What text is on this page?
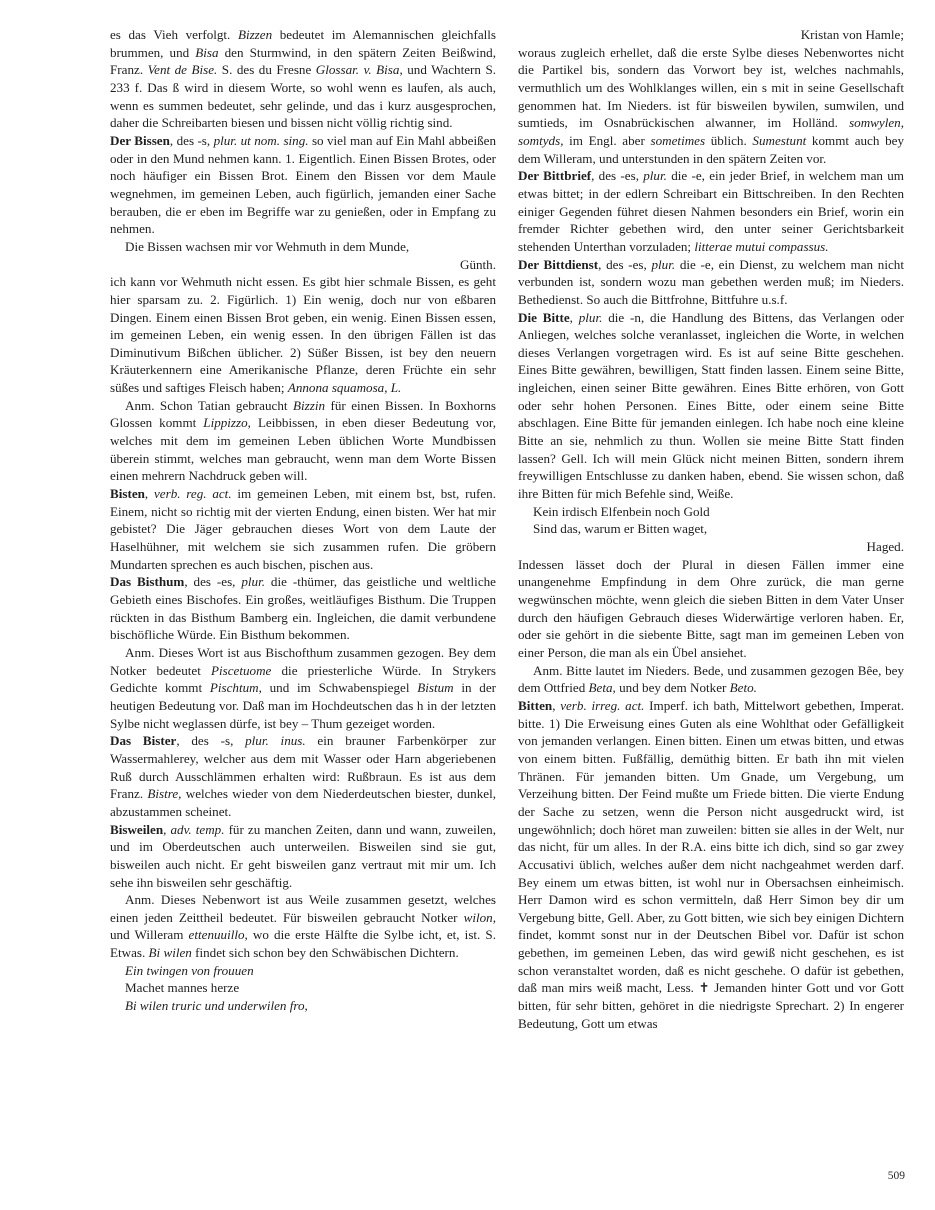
es das Vieh verfolgt. Bizzen bedeutet im Alemannischen gleichfalls brummen, und Bisa den Sturmwind, in den spätern Zeiten Beißwind, Franz. Vent de Bise. S. des du Fresne Glossar. v. Bisa, und Wachtern S. 233 f. Das ß wird in diesem Worte, so wohl wenn es laufen, als auch, wenn es summen bedeutet, sehr gelinde, und das i kurz ausgesprochen, daher die Schreibarten biesen und bissen nicht völlig richtig sind.

Der Bissen, des -s, plur. ut nom. sing. so viel man auf Ein Mahl abbeißen oder in den Mund nehmen kann. 1. Eigentlich. Einen Bissen Brotes, oder noch häufiger ein Bissen Brot. Einem den Bissen vor dem Maule wegnehmen, im gemeinen Leben, auch figürlich, jemanden einer Sache berauben, die er eben im Begriffe war zu genießen, oder in Empfang zu nehmen.

Die Bissen wachsen mir vor Wehmuth in dem Munde,

Günth.

ich kann vor Wehmuth nicht essen. Es gibt hier schmale Bissen, es geht hier sparsam zu. 2. Figürlich. 1) Ein wenig, doch nur von eßbaren Dingen. Einem einen Bissen Brot geben, ein wenig. Einen Bissen essen, im gemeinen Leben, ein wenig essen. In den übrigen Fällen ist das Diminutivum Bißchen üblicher. 2) Süßer Bissen, ist bey den neuern Kräuterkennern eine Amerikanische Pflanze, deren Früchte ein sehr süßes und saftiges Fleisch haben; Annona squamosa, L.

Anm. Schon Tatian gebraucht Bizzin für einen Bissen. In Boxhorns Glossen kommt Lippizzo, Leibbissen, in eben dieser Bedeutung vor, welches mit dem im gemeinen Leben üblichen Worte Mundbissen überein stimmt, welches man gebraucht, wenn man dem Worte Bissen einen mehrern Nachdruck geben will.

Bisten, verb. reg. act. im gemeinen Leben, mit einem bst, bst, rufen. Einem, nicht so richtig mit der vierten Endung, einen bisten. Wer hat mir gebistet? Die Jäger gebrauchen dieses Wort von dem Laute der Haselhühner, mit welchem sie sich zusammen rufen. Die gröbern Mundarten sprechen es auch bischen, pischen aus.

Das Bisthum, des -es, plur. die -thümer, das geistliche und weltliche Gebieth eines Bischofes. Ein großes, weitläufiges Bisthum. Die Truppen rückten in das Bisthum Bamberg ein. Ingleichen, die damit verbundene bischöfliche Würde. Ein Bisthum bekommen.

Anm. Dieses Wort ist aus Bischofthum zusammen gezogen. Bey dem Notker bedeutet Piscetuome die priesterliche Würde. In Strykers Gedichte kommt Pischtum, und im Schwabenspiegel Bistum in der heutigen Bedeutung vor. Daß man im Hochdeutschen das h in der letzten Sylbe nicht weglassen dürfe, ist bey – Thum gezeiget worden.

Das Bister, des -s, plur. inus. ein brauner Farbenkörper zur Wassermahlerey, welcher aus dem mit Wasser oder Harn abgeriebenen Ruß durch Ausschlämmen erhalten wird: Rußbraun. Es ist aus dem Franz. Bistre, welches wieder von dem Niederdeutschen biester, dunkel, abzustammen scheinet.

Bisweilen, adv. temp. für zu manchen Zeiten, dann und wann, zuweilen, und im Oberdeutschen auch unterweilen. Bisweilen sind sie gut, bisweilen auch nicht. Er geht bisweilen ganz vertraut mit mir um. Ich sehe ihn bisweilen sehr geschäftig.

Anm. Dieses Nebenwort ist aus Weile zusammen gesetzt, welches einen jeden Zeittheil bedeutet. Für bisweilen gebraucht Notker wilon, und Willeram ettenuuillo, wo die erste Hälfte die Sylbe icht, et, ist. S. Etwas. Bi wilen findet sich schon bey den Schwäbischen Dichtern.

Ein twingen von frouuen
Machet mannes herze
Bi wilen truric und underwilen fro,

Kristan von Hamle;

woraus zugleich erhellet, daß die erste Sylbe dieses Nebenwortes nicht die Partikel bis, sondern das Vorwort bey ist, welches nachmahls, vermuthlich um des Wohlklanges willen, ein s mit in seine Gesellschaft genommen hat. Im Nieders. ist für bisweilen bywilen, sumwilen, und sumtieds, im Osnabrückischen alwanner, im Holländ. somwylen, somtyds, im Engl. aber sometimes üblich. Sumestunt kommt auch bey dem Willeram, und unterstunden in den spätern Zeiten vor.

Der Bittbrief, des -es, plur. die -e, ein jeder Brief, in welchem man um etwas bittet; in der edlern Schreibart ein Bittschreiben. In den Rechten einiger Gegenden führet diesen Nahmen besonders ein Brief, worin ein fremder Richter gebethen wird, den unter seiner Gerichtsbarkeit stehenden Unterthan vorzuladen; litterae mutui compassus.

Der Bittdienst, des -es, plur. die -e, ein Dienst, zu welchem man nicht verbunden ist, sondern wozu man gebethen werden muß; im Nieders. Bethedienst. So auch die Bittfrohne, Bittfuhre u.s.f.

Die Bitte, plur. die -n, die Handlung des Bittens, das Verlangen oder Anliegen, welches solche veranlasset, ingleichen die Worte, in welchen dieses Verlangen vorgetragen wird. Es ist auf seine Bitte geschehen. Eines Bitte gewähren, bewilligen, Statt finden lassen. Einem seine Bitte, ingleichen, einen seiner Bitte gewähren. Eines Bitte erhören, von Gott oder sehr hohen Personen. Eines Bitte, oder einem seine Bitte abschlagen. Eine Bitte für jemanden einlegen. Ich habe noch eine kleine Bitte an sie, nehmlich zu thun. Wollen sie meine Bitte Statt finden lassen? Gell. Ich will mein Glück nicht meinen Bitten, sondern ihrem freywilligen Entschlusse zu danken haben, ebend. Sie wissen schon, daß ihre Bitten für mich Befehle sind, Weiße.

Kein irdisch Elfenbein noch Gold
Sind das, warum er Bitten waget,

Haged.

Indessen lässet doch der Plural in diesen Fällen immer eine unangenehme Empfindung in dem Ohre zurück, die man gerne wegwünschen möchte, wenn gleich die sieben Bitten in dem Vater Unser durch den häufigen Gebrauch dieses Widerwärtige verloren haben. Er, oder sie gehört in die siebente Bitte, sagt man im gemeinen Leben von einer Person, die man als ein Übel ansiehet.

Anm. Bitte lautet im Nieders. Bede, und zusammen gezogen Bêe, bey dem Ottfried Beta, und bey dem Notker Beto.

Bitten, verb. irreg. act. Imperf. ich bath, Mittelwort gebethen, Imperat. bitte. 1) Die Erweisung eines Guten als eine Wohlthat oder Gefälligkeit von jemanden verlangen. Einen bitten. Einen um etwas bitten, und etwas von einem bitten. Fußfällig, demüthig bitten. Er bath ihn mit vielen Thränen. Für jemanden bitten. Um Gnade, um Vergebung, um Verzeihung bitten. Der Feind mußte um Friede bitten. Die vierte Endung der Sache zu setzen, wenn die Person nicht ausgedruckt wird, ist ungewöhnlich; doch höret man zuweilen: bitten sie alles in der Welt, nur das nicht, für um alles. In der R.A. eins bitte ich dich, sind so gar zwey Accusativi üblich, welches außer dem nicht nachgeahmet werden darf. Bey einem um etwas bitten, ist wohl nur in Obersachsen einheimisch. Herr Damon wird es schon vermitteln, daß Herr Simon bey dir um Vergebung bitte, Gell. Aber, zu Gott bitten, wie sich bey einigen Dichtern findet, kommt sonst nur in der Deutschen Bibel vor. Dafür ist schon gebethen, im gemeinen Leben, das wird gewiß nicht geschehen, es ist schon veranstaltet worden, daß es nicht geschehe. O dafür ist gebethen, daß man mirs weiß macht, Less. ✝ Jemanden hinter Gott und vor Gott bitten, für sehr bitten, gehöret in die niedrigste Sprechart. 2) In engerer Bedeutung, Gott um etwas

509
